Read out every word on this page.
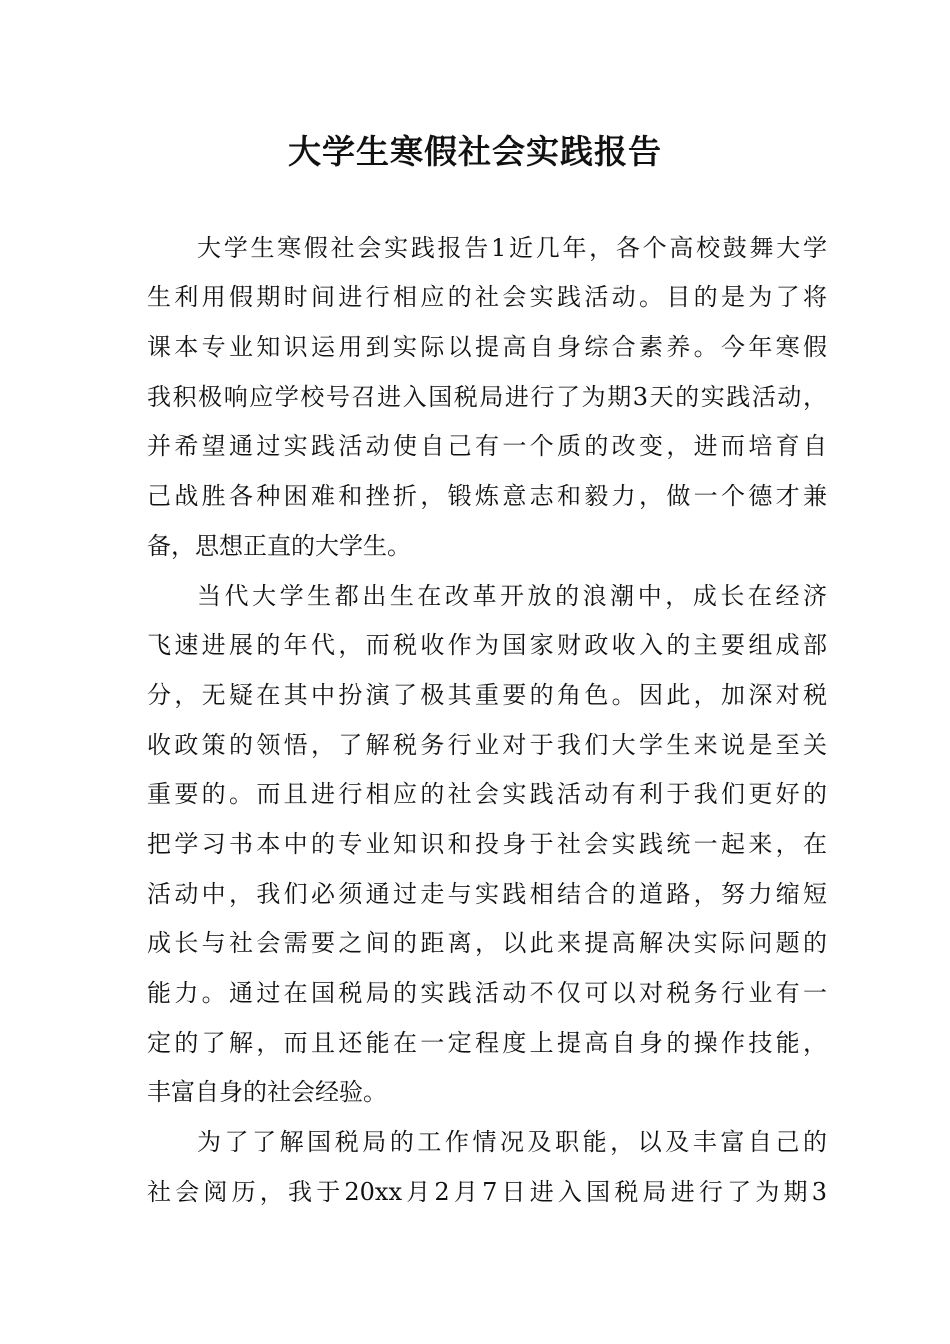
大学生寒假社会实践报告

大学生寒假社会实践报告1近几年，各个高校鼓舞大学

生利用假期时间进行相应的社会实践活动。目的是为了将

课本专业知识运用到实际以提高自身综合素养。今年寒假

我积极响应学校号召进入国税局进行了为期3天的实践活动，

并希望通过实践活动使自己有一个质的改变，进而培育自

己战胜各种困难和挫折，锻炼意志和毅力，做一个德才兼

备，思想正直的大学生。

当代大学生都出生在改革开放的浪潮中，成长在经济

飞速进展的年代，而税收作为国家财政收入的主要组成部

分，无疑在其中扮演了极其重要的角色。因此，加深对税

收政策的领悟，了解税务行业对于我们大学生来说是至关

重要的。而且进行相应的社会实践活动有利于我们更好的

把学习书本中的专业知识和投身于社会实践统一起来，在

活动中，我们必须通过走与实践相结合的道路，努力缩短

成长与社会需要之间的距离，以此来提高解决实际问题的

能力。通过在国税局的实践活动不仅可以对税务行业有一

定的了解，而且还能在一定程度上提高自身的操作技能，

丰富自身的社会经验。

为了了解国税局的工作情况及职能，以及丰富自己的

社会阅历，我于20xx月2月7日进入国税局进行了为期3
